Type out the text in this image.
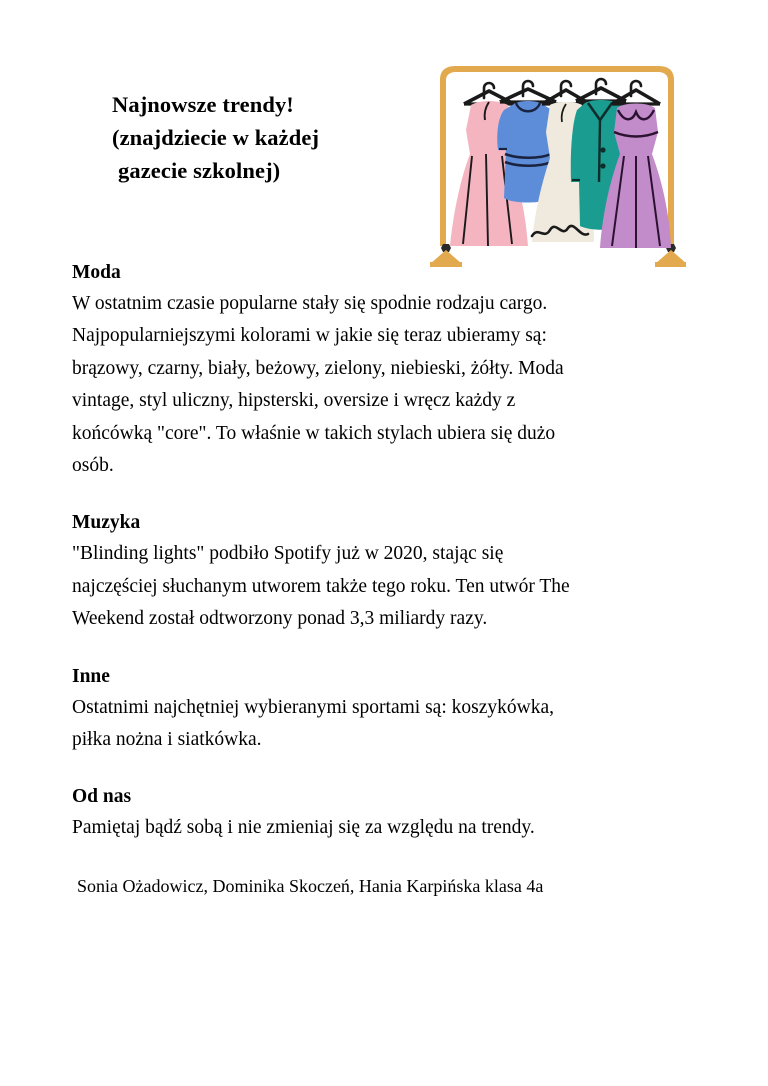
Najnowsze trendy!
(znajdziecie w każdej
gazecie szkolnej)
Moda

W ostatnim czasie popularne stały się spodnie rodzaju cargo.
Najpopularniejszymi kolorami w jakie się teraz ubieramy są:
brązowy, czarny, biały, beżowy, zielony, niebieski, żółty. Moda
vintage, styl uliczny, hipsterski, oversize i wręcz każdy z
końcówką "core". To właśnie w takich stylach ubiera się dużo
osób.

Muzyka

"Blinding lights" podbiło Spotify już w 2020, stając się
najczęściej słuchanym utworem także tego roku. Ten utwór The
Weekend został odtworzony ponad 3,3 miliardy razy.

Inne

Ostatnimi najchętniej wybieranymi sportami są: koszykówka,
piłka nożna i siatkówka.

Od nas

Pamiętaj bądź sobą i nie zmieniaj się za względu na trendy.

Sonia Ożadowicz, Dominika Skoczeń, Hania Karpińska klasa 4a
